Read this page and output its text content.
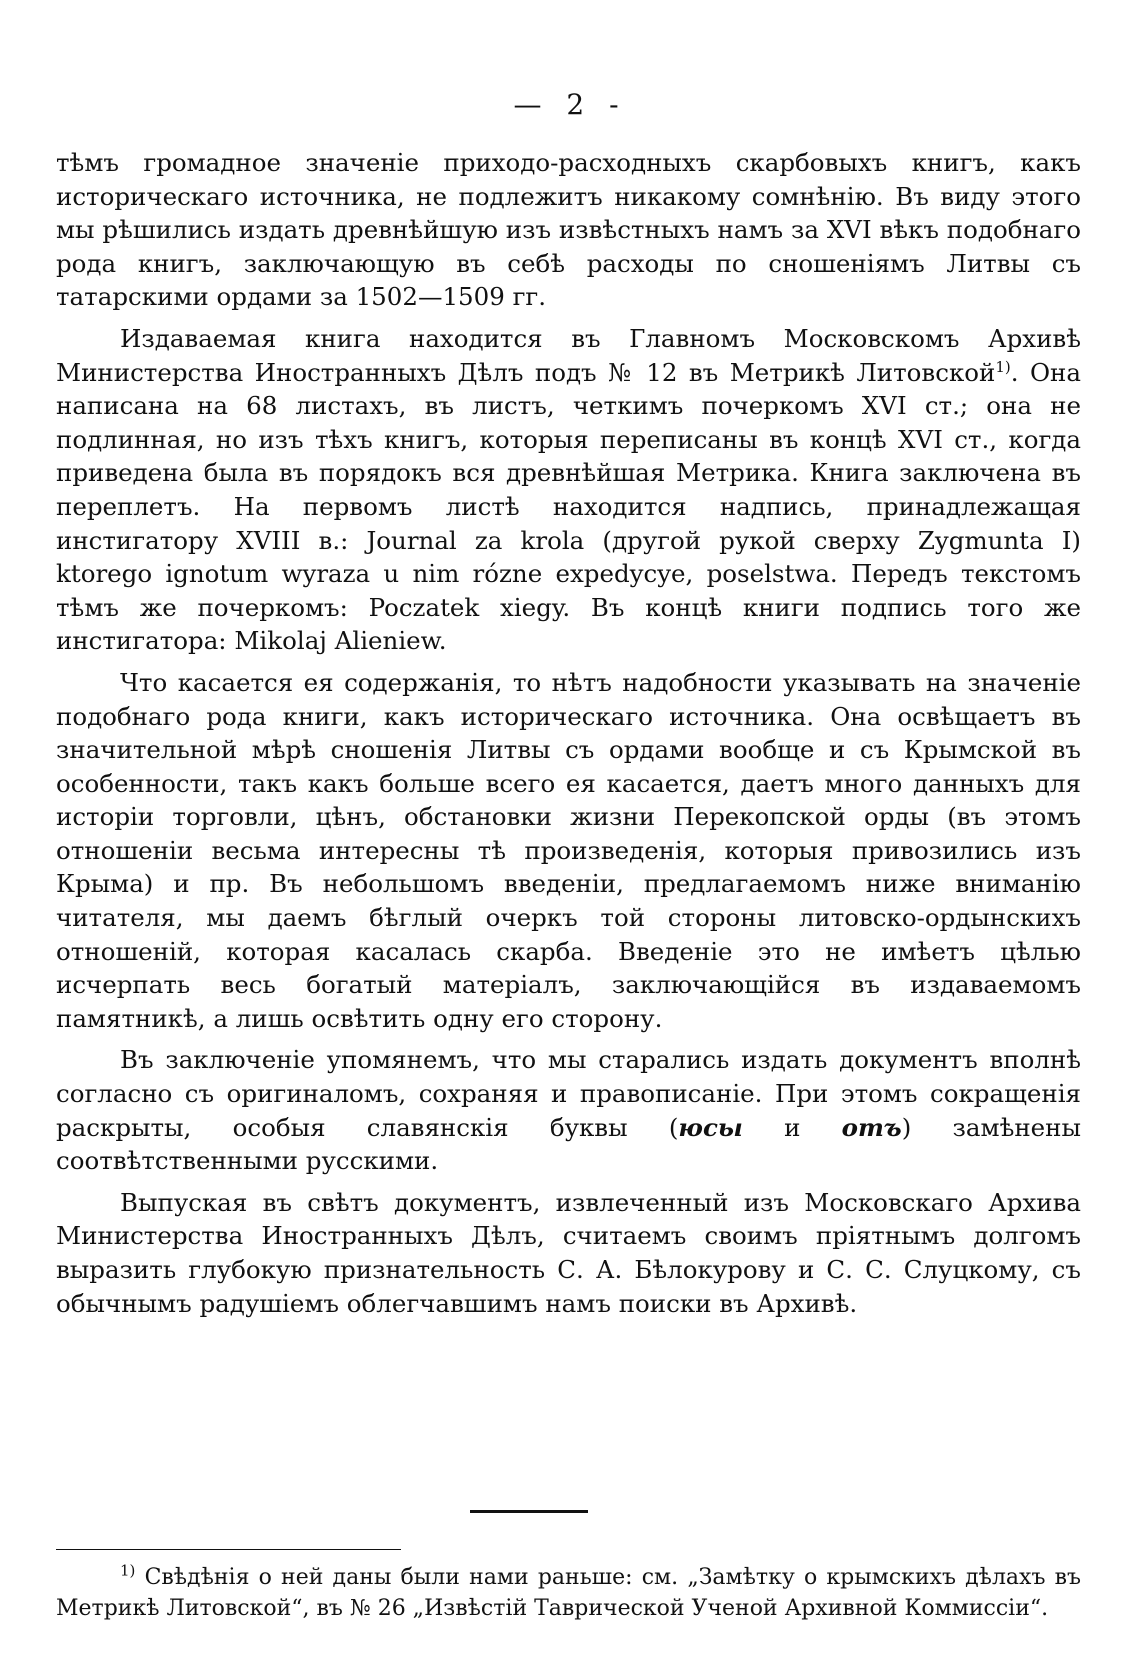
— 2 -

тѣмъ громадное значеніе приходо-расходныхъ скарбовыхъ книгъ, какъ историческаго источника, не подлежитъ никакому сомнѣнію. Въ виду этого мы рѣшились издать древнѣйшую изъ извѣстныхъ намъ за XVI вѣкъ подобнаго рода книгъ, заключающую въ себѣ расходы по сношеніямъ Литвы съ татарскими ордами за 1502—1509 гг.

Издаваемая книга находится въ Главномъ Московскомъ Архивѣ Министерства Иностранныхъ Дѣлъ подъ № 12 въ Метрикѣ Литовской$^{1)}$. Она написана на 68 листахъ, въ листъ, четкимъ почеркомъ XVI ст.; она не подлинная, но изъ тѣхъ книгъ, которыя переписаны въ концѣ XVI ст., когда приведена была въ порядокъ вся древнѣйшая Метрика. Книга заключена въ переплетъ. На первомъ листѣ находится надпись, принадлежащая инстигатору XVIII в.: Journal za krola (другой рукой сверху Zygmunta I) ktorego ignotum wyraza u nim rózne expedycye, poselstwa. Передъ текстомъ тѣмъ же почеркомъ: Poczatek xiegy. Въ концѣ книги подпись того же инстигатора: Mikolaj Alieniew.

Что касается ея содержанія, то нѣтъ надобности указывать на значеніе подобнаго рода книги, какъ историческаго источника. Она освѣщаетъ въ значительной мѣрѣ сношенія Литвы съ ордами вообще и съ Крымской въ особенности, такъ какъ больше всего ея касается, даетъ много данныхъ для исторіи торговли, цѣнъ, обстановки жизни Перекопской орды (въ этомъ отношеніи весьма интересны тѣ произведенія, которыя привозились изъ Крыма) и пр. Въ небольшомъ введеніи, предлагаемомъ ниже вниманію читателя, мы даемъ бѣглый очеркъ той стороны литовско-ордынскихъ отношеній, которая касалась скарба. Введеніе это не имѣетъ цѣлью исчерпать весь богатый матеріалъ, заключающійся въ издаваемомъ памятникѣ, а лишь освѣтить одну его сторону.

Въ заключеніе упомянемъ, что мы старались издать документъ вполнѣ согласно съ оригиналомъ, сохраняя и правописаніе. При этомъ сокращенія раскрыты, особыя славянскія буквы (юсы и отъ) замѣнены соотвѣтственными русскими.

Выпуская въ свѣтъ документъ, извлеченный изъ Московскаго Архива Министерства Иностранныхъ Дѣлъ, считаемъ своимъ пріятнымъ долгомъ выразить глубокую признательность С. А. Бѣлокурову и С. С. Слуцкому, съ обычнымъ радушіемъ облегчавшимъ намъ поиски въ Архивѣ.

$^{1)}$ Свѣдѣнія о ней даны были нами раньше: см. „Замѣтку о крымскихъ дѣлахъ въ Метрикѣ Литовской“, въ № 26 „Извѣстій Таврической Ученой Архивной Коммиссіи“.
